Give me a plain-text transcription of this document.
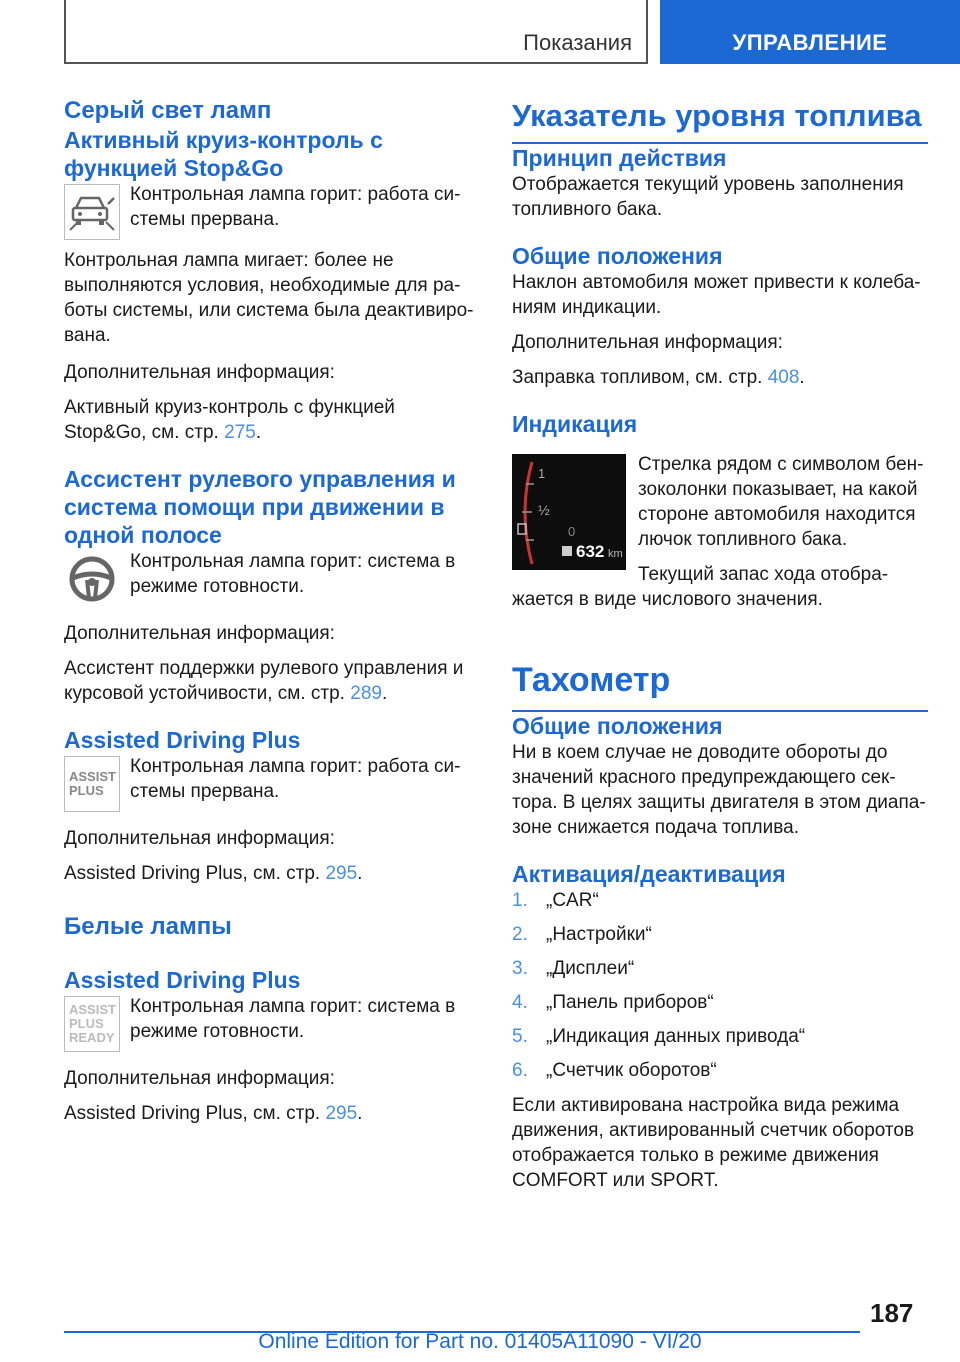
Показания	УПРАВЛЕНИЕ
Серый свет ламп
Активный круиз-контроль с функцией Stop&Go

Контрольная лампа горит: работа си-стемы прервана.

Контрольная лампа мигает: более не выполняются условия, необходимые для ра-боты системы, или система была деактивиро-вана.

Дополнительная информация:

Активный круиз-контроль с функцией Stop&Go, см. стр. 275.

Ассистент рулевого управления и система помощи при движении в одной полосе

Контрольная лампа горит: система в режиме готовности.

Дополнительная информация:

Ассистент поддержки рулевого управления и курсовой устойчивости, см. стр. 289.

Assisted Driving Plus
ASSIST PLUS

Контрольная лампа горит: работа си-стемы прервана.

Дополнительная информация:

Assisted Driving Plus, см. стр. 295.

Белые лампы
Assisted Driving Plus
ASSIST PLUS READY

Контрольная лампа горит: система в режиме готовности.

Дополнительная информация:

Assisted Driving Plus, см. стр. 295.

Указатель уровня топлива
Принцип действия

Отображается текущий уровень заполнения топливного бака.

Общие положения

Наклон автомобиля может привести к колеба-ниям индикации.

Дополнительная информация:

Заправка топливом, см. стр. 408.

Индикация
1
½
0
632 km

Стрелка рядом с символом бен-зоколонки показывает, на какой стороне автомобиля находится лючок топливного бака.

Текущий запас хода отобра-жается в виде числового значения.

Тахометр
Общие положения

Ни в коем случае не доводите обороты до значений красного предупреждающего сек-тора. В целях защиты двигателя в этом диапа-зоне снижается подача топлива.

Активация/деактивация
1. „CAR“
2. „Настройки“
3. „Дисплеи“
4. „Панель приборов“
5. „Индикация данных привода“
6. „Счетчик оборотов“

Если активирована настройка вида режима движения, активированный счетчик оборотов отображается только в режиме движения COMFORT или SPORT.

187
Online Edition for Part no. 01405A11090 - VI/20
